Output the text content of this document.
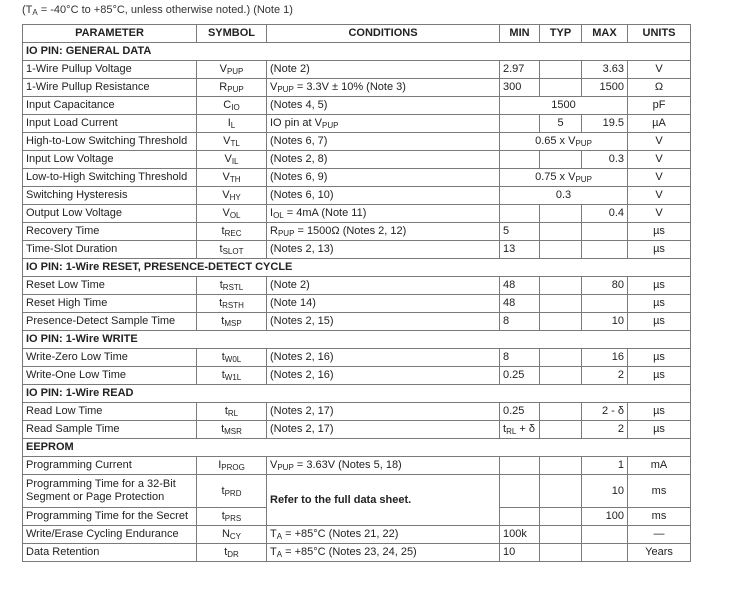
($T_A = -40^\circ C$ to +85°C, unless otherwise noted.) (Note 1)
PARAMETER	SYMBOL	CONDITIONS	MIN	TYP	MAX	UNITS
IO PIN: GENERAL DATA						
1-Wire Pullup Voltage	$V_{PUP}$	(Note 2)	2.97		3.63	V
1-Wire Pullup Resistance	$R_{PUP}$	$V_{PUP} = 3.3V \pm 10\%$ (Note 3)	300		1500	Ω
Input Capacitance	$C_{IO}$	(Notes 4, 5)	1500			pF
Input Load Current	$I_L$	IO pin at $V_{PUP}$		5	19.5	µA
High-to-Low Switching Threshold	$V_{TL}$	(Notes 6, 7)	0.65 x $V_{PUP}$			V
Input Low Voltage	$V_{IL}$	(Notes 2, 8)			0.3	V
Low-to-High Switching Threshold	$V_{TH}$	(Notes 6, 9)	0.75 x $V_{PUP}$			V
Switching Hysteresis	$V_{HY}$	(Notes 6, 10)	0.3			V
Output Low Voltage	$V_{OL}$	$I_{OL} = 4mA$ (Note 11)			0.4	V
Recovery Time	$t_{REC}$	$R_{PUP} = 1500\Omega$ (Notes 2, 12)	5			µs
Time-Slot Duration	$t_{SLOT}$	(Notes 2, 13)	13			µs
IO PIN: 1-Wire RESET, PRESENCE-DETECT CYCLE						
Reset Low Time	$t_{RSTL}$	(Note 2)	48		80	µs
Reset High Time	$t_{RSTH}$	(Note 14)	48			µs
Presence-Detect Sample Time	$t_{MSP}$	(Notes 2, 15)	8		10	µs
IO PIN: 1-Wire WRITE						
Write-Zero Low Time	$t_{W0L}$	(Notes 2, 16)	8		16	µs
Write-One Low Time	$t_{W1L}$	(Notes 2, 16)	0.25		2	µs
IO PIN: 1-Wire READ						
Read Low Time	$t_{RL}$	(Notes 2, 17)	0.25		2 - δ	µs
Read Sample Time	$t_{MSR}$	(Notes 2, 17)	$t_{RL} + \delta$		2	µs
EEPROM						
Programming Current	$I_{PROG}$	$V_{PUP} = 3.63V$ (Notes 5, 18)			1	mA
Programming Time for a 32-Bit Segment or Page Protection	$t_{PRD}$	Refer to the full data sheet.			10	ms
Programming Time for the Secret	$t_{PRS}$				100	ms
Write/Erase Cycling Endurance	$N_{CY}$	$T_A = +85^\circ C$ (Notes 21, 22)	100k			—
Data Retention	$t_{DR}$	$T_A = +85^\circ C$ (Notes 23, 24, 25)	10			Years
